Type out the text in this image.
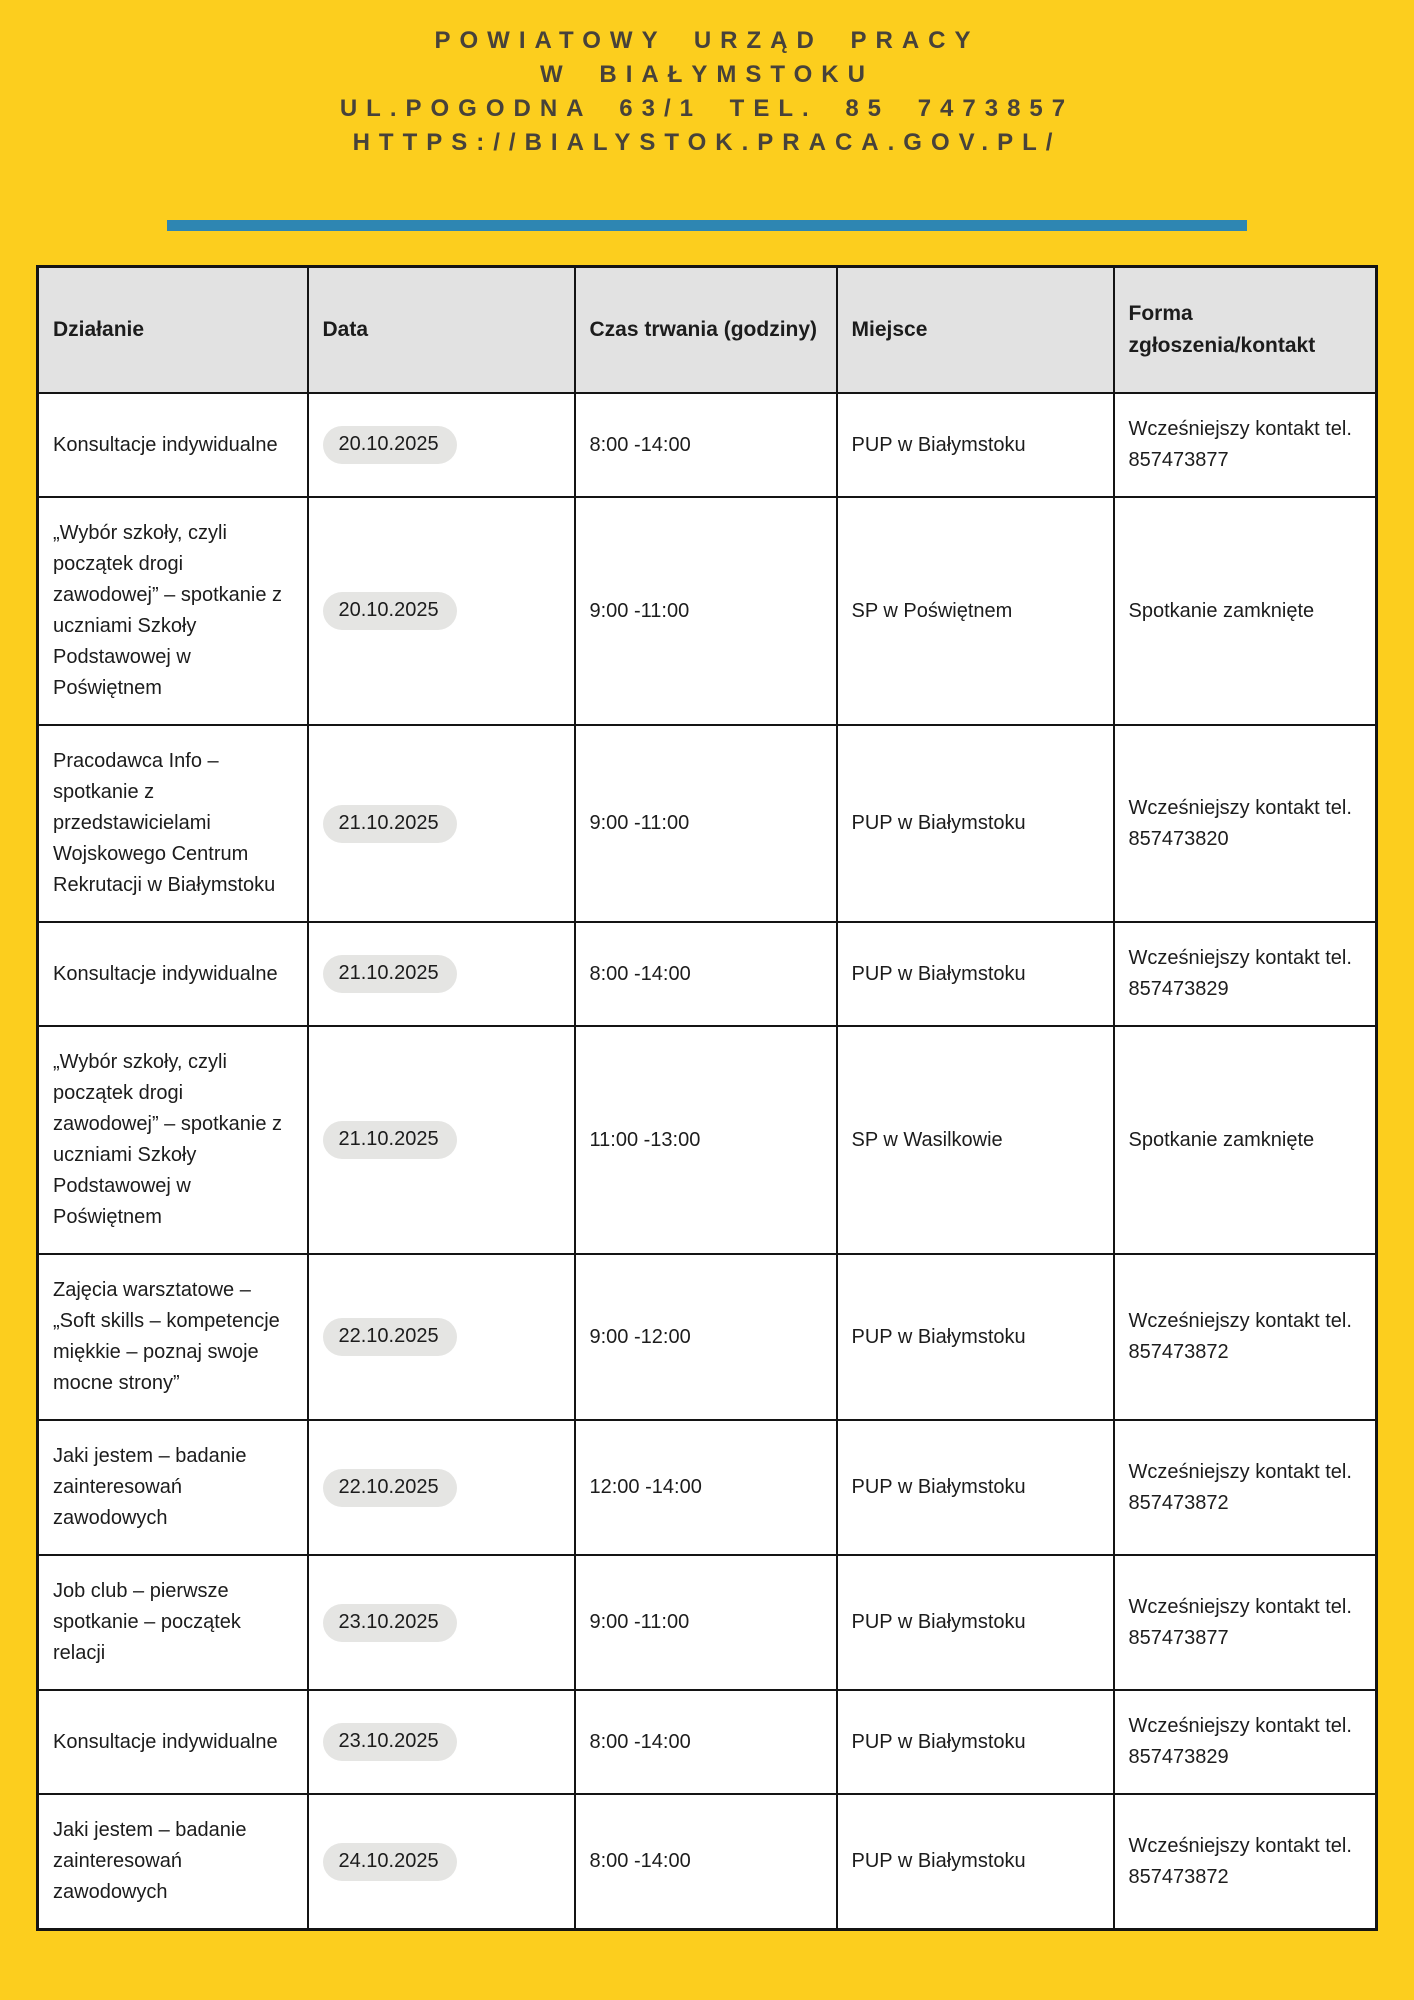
POWIATOWY URZĄD PRACY
W BIAŁYMSTOKU
UL.POGODNA 63/1 TEL. 85 7473857
HTTPS://BIALYSTOK.PRACA.GOV.PL/
Działanie	Data	Czas trwania (godziny)	Miejsce	Forma zgłoszenia/kontakt
Konsultacje indywidualne	20.10.2025	8:00 -14:00	PUP w Białymstoku	Wcześniejszy kontakt tel. 857473877
„Wybór szkoły, czyli początek drogi zawodowej” – spotkanie z uczniami Szkoły Podstawowej w Poświętnem	20.10.2025	9:00 -11:00	SP w Poświętnem	Spotkanie zamknięte
Pracodawca Info – spotkanie z przedstawicielami Wojskowego Centrum Rekrutacji w Białymstoku	21.10.2025	9:00 -11:00	PUP w Białymstoku	Wcześniejszy kontakt tel. 857473820
Konsultacje indywidualne	21.10.2025	8:00 -14:00	PUP w Białymstoku	Wcześniejszy kontakt tel. 857473829
„Wybór szkoły, czyli początek drogi zawodowej” – spotkanie z uczniami Szkoły Podstawowej w Poświętnem	21.10.2025	11:00 -13:00	SP w Wasilkowie	Spotkanie zamknięte
Zajęcia warsztatowe – „Soft skills – kompetencje miękkie – poznaj swoje mocne strony”	22.10.2025	9:00 -12:00	PUP w Białymstoku	Wcześniejszy kontakt tel. 857473872
Jaki jestem – badanie zainteresowań zawodowych	22.10.2025	12:00 -14:00	PUP w Białymstoku	Wcześniejszy kontakt tel. 857473872
Job club – pierwsze spotkanie – początek relacji	23.10.2025	9:00 -11:00	PUP w Białymstoku	Wcześniejszy kontakt tel. 857473877
Konsultacje indywidualne	23.10.2025	8:00 -14:00	PUP w Białymstoku	Wcześniejszy kontakt tel. 857473829
Jaki jestem – badanie zainteresowań zawodowych	24.10.2025	8:00 -14:00	PUP w Białymstoku	Wcześniejszy kontakt tel. 857473872
